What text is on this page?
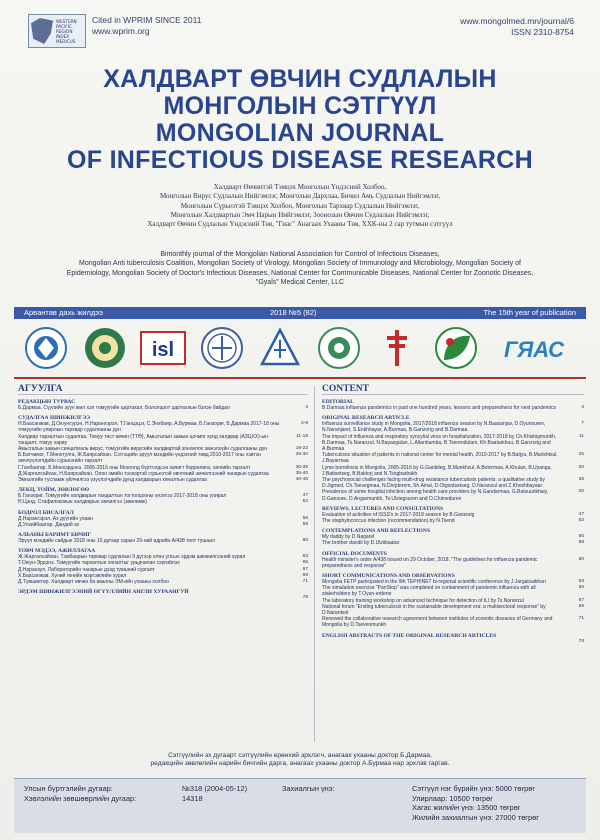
WESTERN
PACIFIC
REGION
INDEX
MEDICUS
Cited in WPRIM SINCE 2011
www.wprim.org
www.mongolmed.mn/journal/6
ISSN 2310-8754
ХАЛДВАРТ ӨВЧИН СУДЛАЛЫН
МОНГОЛЫН СЭТГҮҮЛ
MONGOLIAN JOURNAL
OF INFECTIOUS DISEASE RESEARCH
Халдварт Өвчинтэй Тэмцэх Монголын Үндэсний Холбоо,
Монголын Вирус Судлалын Нийгэмлэг, Монголын Дархлаа, Бичил Амь Судлалын Нийгэмлэг,
Монголын Сүрьеэтэй Тэмцэх Холбоо, Монголын Тархвар Судлалын Нийгэмлэг,
Монголын Халдвартын Эмч Нарын Нийгэмлэг, Зоонозын Өвчин Судлалын Нийгэмлэг,
Халдварт Өвчин Судлалын Үндэсний Төв, "Гиас" Анагаах Ухааны Төв, ХХК-ны 2 сар тутмын сэтгүүл
Bimonthly journal of the Mongolian National Association for Control of Infectious Diseases,
Mongolian Anti tuberculosis Coalition, Mongolian Society of Virology, Mongolian Society of Immunology and Microbiology, Mongolian Society of
Epidemiology, Mongolian Society of Doctor's Infectious Diseases, National Center for Communicable Diseases, National Center for Zoonotic Diseases,
"Gyals" Medical Center, LLC
Арвантав дахь жилдээ	2018 №5 (82)	The 15th year of publication
isl	ГЯАС
АГУУЛГА
РЕДАКЦЫН ТУРВАС
Б.Дармаа. Сүүлийн зуун жил хэл томуугийн цартахал, Бололцоот цартахлын бэлэн байдал	3
СУДАЛГАА ШИНЖИЛГЭЭ
Н.Баасанжав, Д.Оюунсүрэн, Н.Нарангэрэл, Т.Ганцэцэг, С.Энхбаяр, А.Бурмаа, Б.Ганзориг, Б.Дармаа 2017-18 оны томуугийн улирлын тархвар судалгааны дүн
2-8
Халдвар тархалтын судалгаа, Томуу төст өвчин (ТТӨ), Амьсгалын замын цочмог хүнд халдвар (АЗЦХХ)-ын тандалт, томуу хариу
11-18
Амьсгалын замын синцитиаль вирус, томуугийн вирусийн халдвартай зонхилох эмнэлзүйн судалгааны дүн	19-22
Б.Батчимэг, Т.Мөнхтулга, Ж.Баярсайхан. Сэтгэцийн эрүүл мэндийн үндэсний төвд 2010-2017 оны хэвтэн эмчлүүлэгчдийн сүрьеэгийн тархалт
25-30
Г.Ганбаатар, Б.Мөнхэрдэнэ. 2005-2016 оны Монголд бүртгэгдсэн хачигт боррелиоз, хачгийн тархалт	30-35
Д.Жаргалсайхан, Н.Баярсайхан. Олон эмийн тэсвэртэй сүрьеэтэй өвчтөний эмчилгээний чанарын судалгаа	35-40
Эмнэлгийн тусламж үйлчилгээ үзүүлэгчдийн дунд халдварын хяналтын судалгаа	40-46
ЛЕКЦ, ТОЙМ, ЗӨВЛӨГӨӨ
Б.Ганзориг. Томуугийн халдварын тандалтын тогтолцооны үнэлгээ 2017-2018 оны улирал	47
Н.Цэнд. Стафилококын халдварын эмчилгээ (зөвлөмж)	52
БОДРОЛ БИСАЛГАЛ
Д.Нарангэрэл. Ах дүүгийн ухаан	56
Д.Улзийбаатар. Дандий ах	58
АЛБАНЫ БАРИМТ БИЧИГ
Эрүүл мэндийн сайдын 2018 оны 10 дугаар сарын 29-ний өдрийн А/438 тоот тушаал	60
ТОВЧ МЭДЭЭ, АЖИЛЛАГАА
Ж.Жаргалсайхан. Тэмбаарын тархвар судлалын 9 дүгээр олон улсын эрдэм шинжилгээний хурал	63
Т.Оюун-Эрдэнэ. Томуугийн тархалтын хяналтыг урьдчилан сэргийлэх	65
Д.Наранзул. Лабораторийн чанарын дээд түвшний сургалт	67
Х.Баасанжав. Хүний генийн мэргэжлийн хурал	69
Д.Түвшинтөр. Халдварт өвчин ба амьтны ЭМ-ийн ухааны холбоо	71
ЭРДЭМ ШИНЖИЛГЭЭНИЙ ӨГҮҮЛЛИЙН АНГЛИ ХУРААНГУЙ
78
CONTENT
EDITORIAL
B.Darmaa Influenza pandemics in past one hundred years, lessons and preparedness for next pandemics	3
ORIGINAL RESEARCH ARTICLE
Influenza surveillance study in Mongolia, 2017/2018 influenza season by N.Baasanjav, D.Oyunsuren, N.Naranjarel, S.Enkhbayar, A.Burmaa, B.Ganzorig and B.Darmaa
7
The impact of influenza and respiratory syncytial virus on hospitalization, 2017-2018 by Ch.Khishigmunkh, B.Darmaa, Ts.Naranzul, N.Bayasgalan, L.Altanbumba, B.Tserendulam, Kh.Baatarkhuu, B.Ganzorig and A.Burmaa
11
Tuberculosis situation of patients in national center for mental health, 2010-2017 by B.Batjya, B.Munkhtsul, J.Bayarmaa
25
Lyme borreliosis in Mongolia, 2005-2016 by G.Ganbileg, B.Munkhzul, A.Bolormaa, A.Khulan, B.Uyanga, J.Battsetseg, B.Baldorj and N.Tsogbadrakh
30
The psychosocial challenges facing multi-drug resistance tuberculosis patients: a qualitative study by D.Jigmed, Ch.Tsevegmaa, N.Dorjderem, Sh.Ainai, D.Otgontsetseg, D.Naranzul and Z.Khoshbayaar
35
Prevalence of some hospital infection among health care providers by N.Gandarmaa, G.Batsuurikhaiy, D.Gansure, D.Angarmunkh, Ts.Ulziegsuren and O.Chimeduren
40
REVIEWS, LECTURES AND CONSULTATIONS
Evaluation of activities of ISSS's in 2017-2018 season by B.Ganzorig	47
The staphylococcus infection (recommendation) by N.Tsend	52
CONTEMPLATIONS AND REFLECTIONS
My daddy by D.Nagarel	56
The brother dandil by D.Ulziibaatar	58
OFFICIAL DOCUMENTS
Health minister's order A/438 issued on 29 October, 2018. "The guidelines for influenza pandemic preparedness and response"
60
SHORT COMMUNICATIONS AND OBSERVATIONS
Mongolia FETP participated in the 9th TEPHINET bi-regional scientific conference by J.Jargalsaikhan	63
The simulation exercise "PanStop" was completed on containment of pandemic influenza with all stakeholders by T.Oyun-erdene
65
The laboratory training workshop on advanced technique for detection of ILI by Ts.Naranzul	67
National forum "Ending tuberculosis in the sustainable development era: a multisectoral response" by D.Narantsol
69
Renewed the collaborative research agreement between institutes of zoonotic diseases of Germany and Mongolia by D.Tsevenmunkh
71
ENGLISH ABSTRACTS OF THE ORIGINAL RESEARCH ARTICLES
78
Сэтгүүлийн эх дугаарт сэтгүүлийн ерөнхий эрхлэгч, анагаах ухааны доктор Б.Дармаа,
редакцийн зөвлөлийн нарийн бичгийн дарга, анагаах ухааны доктор А.Бурмаа нар эрхлэв гаргав.
Улсын бүртгэлийн дугаар:
Хэвлэлийн зөвшөөрлийн дугаар:
№318 (2004-05-12)
14318
Захиалгын үнэ:	Сэтгүүл нэг бүрийн үнэ: 5000 төгрөг
Улирлаар: 10500 төгрөг
Хагас жилийн үнэ: 13500 төгрөг
Жилийн захиалгын үнэ: 27000 төгрөг
